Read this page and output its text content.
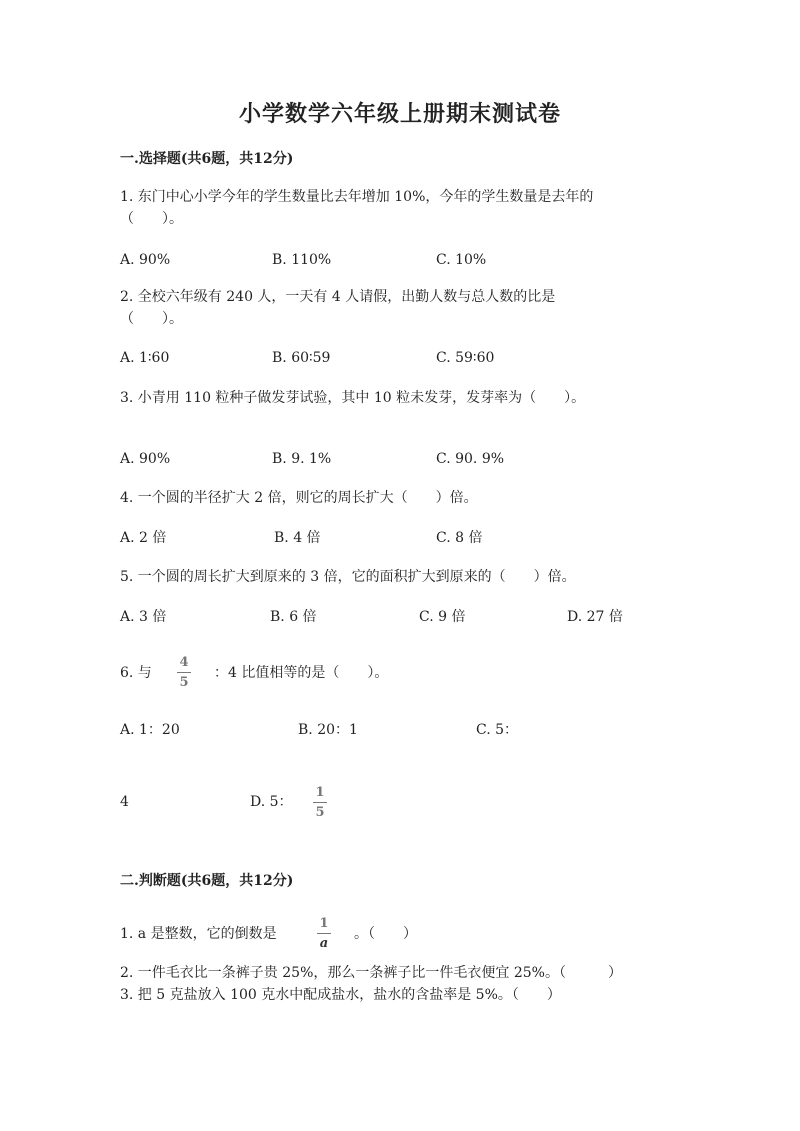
小学数学六年级上册期末测试卷
一.选择题(共6题，共12分)
1. 东门中心小学今年的学生数量比去年增加 10%，今年的学生数量是去年的
（　　）。
A. 90%	B. 110%	C. 10%
2. 全校六年级有 240 人，一天有 4 人请假，出勤人数与总人数的比是
（　　）。
A. 1∶60	B. 60∶59	C. 59∶60
3. 小青用 110 粒种子做发芽试验，其中 10 粒未发芽，发芽率为（　　）。
A. 90%	B. 9. 1%	C. 90. 9%
4. 一个圆的半径扩大 2 倍，则它的周长扩大（　　）倍。
A. 2 倍	B. 4 倍	C. 8 倍
5. 一个圆的周长扩大到原来的 3 倍，它的面积扩大到原来的（　　）倍。
A. 3 倍	B. 6 倍	C. 9 倍	D. 27 倍
6. 与
4
5
：4 比值相等的是（　　）。
A. 1：20	B. 20：1	C. 5：
4	D. 5：
1
5
二.判断题(共6题，共12分)
1. a 是整数，它的倒数是
1
a
。（　　）
2. 一件毛衣比一条裤子贵 25%，那么一条裤子比一件毛衣便宜 25%。（　　　）
3. 把 5 克盐放入 100 克水中配成盐水，盐水的含盐率是 5%。（　　）
